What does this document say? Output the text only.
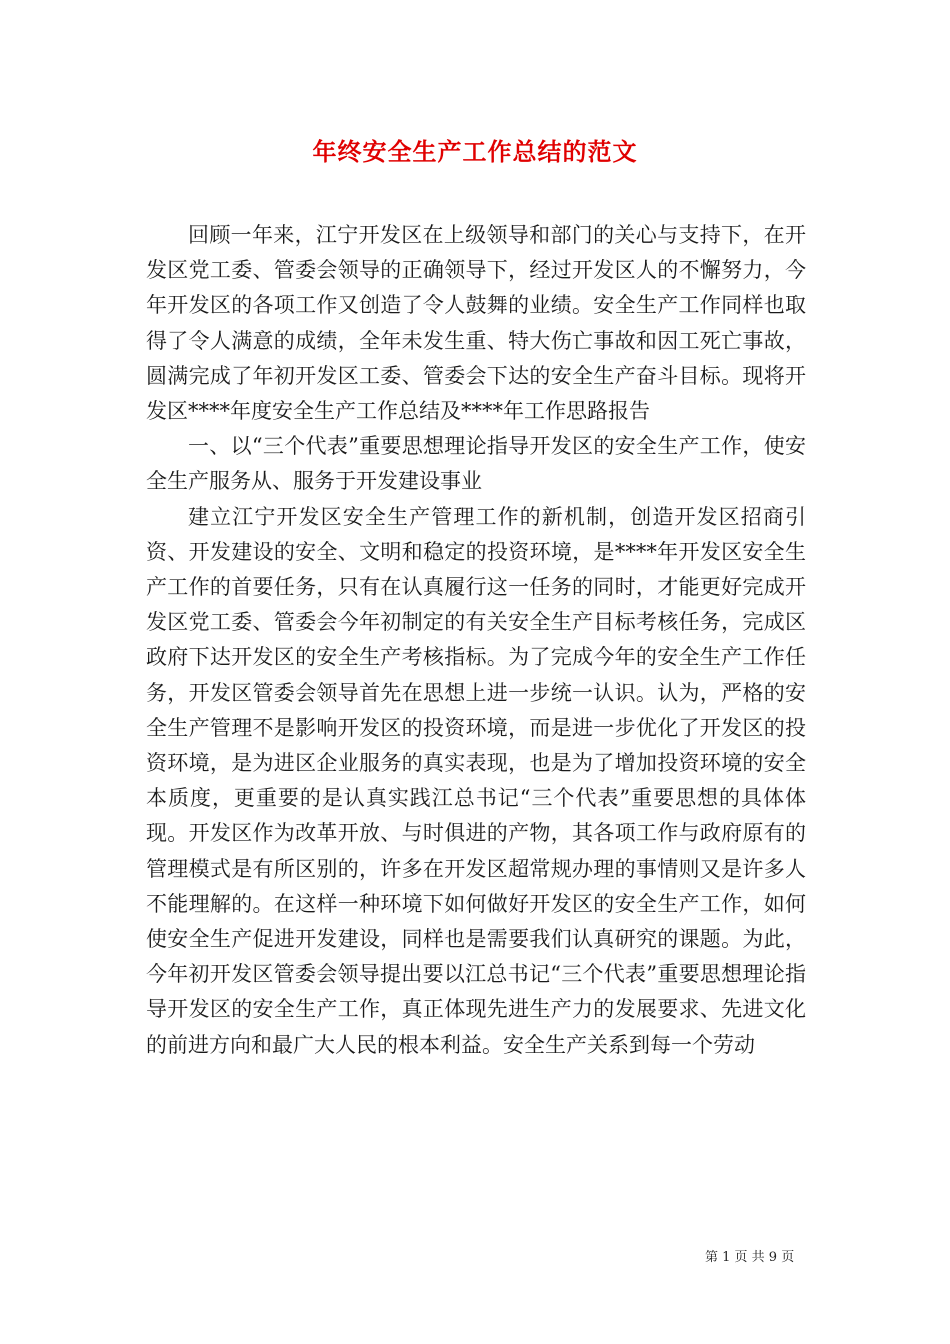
年终安全生产工作总结的范文

回顾一年来，江宁开发区在上级领导和部门的关心与支持下，在开发区党工委、管委会领导的正确领导下，经过开发区人的不懈努力，今年开发区的各项工作又创造了令人鼓舞的业绩。安全生产工作同样也取得了令人满意的成绩，全年未发生重、特大伤亡事故和因工死亡事故，圆满完成了年初开发区工委、管委会下达的安全生产奋斗目标。现将开发区****年度安全生产工作总结及****年工作思路报告

一、以“三个代表”重要思想理论指导开发区的安全生产工作，使安全生产服务从、服务于开发建设事业

建立江宁开发区安全生产管理工作的新机制，创造开发区招商引资、开发建设的安全、文明和稳定的投资环境，是****年开发区安全生产工作的首要任务，只有在认真履行这一任务的同时，才能更好完成开发区党工委、管委会今年初制定的有关安全生产目标考核任务，完成区政府下达开发区的安全生产考核指标。为了完成今年的安全生产工作任务，开发区管委会领导首先在思想上进一步统一认识。认为，严格的安全生产管理不是影响开发区的投资环境，而是进一步优化了开发区的投资环境，是为进区企业服务的真实表现，也是为了增加投资环境的安全本质度，更重要的是认真实践江总书记“三个代表”重要思想的具体体现。开发区作为改革开放、与时俱进的产物，其各项工作与政府原有的管理模式是有所区别的，许多在开发区超常规办理的事情则又是许多人不能理解的。在这样一种环境下如何做好开发区的安全生产工作，如何使安全生产促进开发建设，同样也是需要我们认真研究的课题。为此，今年初开发区管委会领导提出要以江总书记“三个代表”重要思想理论指导开发区的安全生产工作，真正体现先进生产力的发展要求、先进文化的前进方向和最广大人民的根本利益。安全生产关系到每一个劳动

第 1 页 共 9 页
